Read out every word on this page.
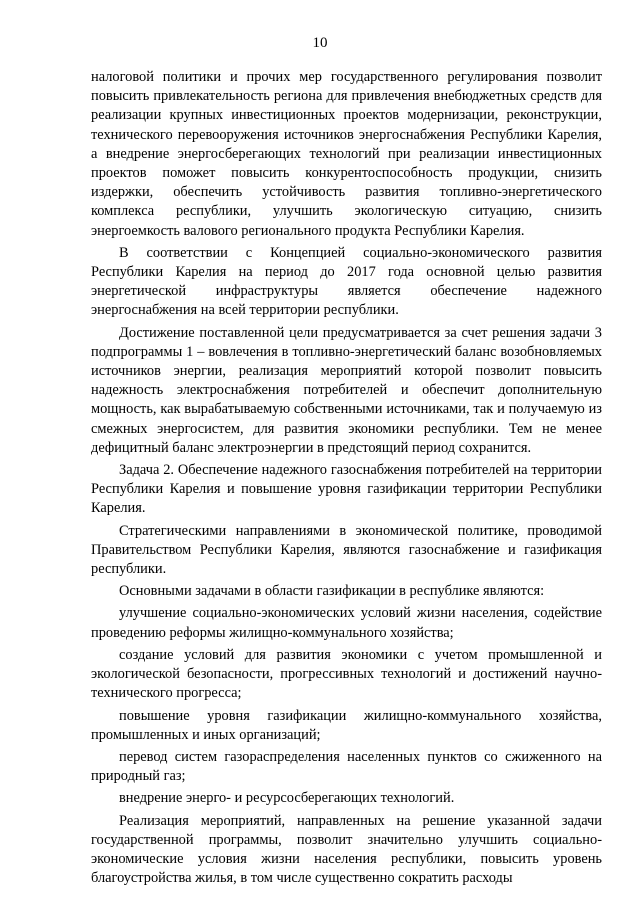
10

налоговой политики и прочих мер государственного регулирования позволит повысить привлекательность региона для привлечения внебюджетных средств для реализации крупных инвестиционных проектов модернизации, реконструкции, технического перевооружения источников энергоснабжения Республики Карелия, а внедрение энергосберегающих технологий при реализации инвестиционных проектов поможет повысить конкурентоспособность продукции, снизить издержки, обеспечить устойчивость развития топливно-энергетического комплекса республики, улучшить экологическую ситуацию, снизить энергоемкость валового регионального продукта Республики Карелия.

В соответствии с Концепцией социально-экономического развития Республики Карелия на период до 2017 года основной целью развития энергетической инфраструктуры является обеспечение надежного энергоснабжения на всей территории республики.

Достижение поставленной цели предусматривается за счет решения задачи 3 подпрограммы 1 – вовлечения в топливно-энергетический баланс возобновляемых источников энергии, реализация мероприятий которой позволит повысить надежность электроснабжения потребителей и обеспечит дополнительную мощность, как вырабатываемую собственными источниками, так и получаемую из смежных энергосистем, для развития экономики республики. Тем не менее дефицитный баланс электроэнергии в предстоящий период сохранится.

Задача 2. Обеспечение надежного газоснабжения потребителей на территории Республики Карелия и повышение уровня газификации территории Республики Карелия.

Стратегическими направлениями в экономической политике, проводимой Правительством Республики Карелия, являются газоснабжение и газификация республики.

Основными задачами в области газификации в республике являются:

улучшение социально-экономических условий жизни населения, содействие проведению реформы жилищно-коммунального хозяйства;

создание условий для развития экономики с учетом промышленной и экологической безопасности, прогрессивных технологий и достижений научно-технического прогресса;

повышение уровня газификации жилищно-коммунального хозяйства, промышленных и иных организаций;

перевод систем газораспределения населенных пунктов со сжиженного на природный газ;

внедрение энерго- и ресурсосберегающих технологий.

Реализация мероприятий, направленных на решение указанной задачи государственной программы, позволит значительно улучшить социально-экономические условия жизни населения республики, повысить уровень благоустройства жилья, в том числе существенно сократить расходы
